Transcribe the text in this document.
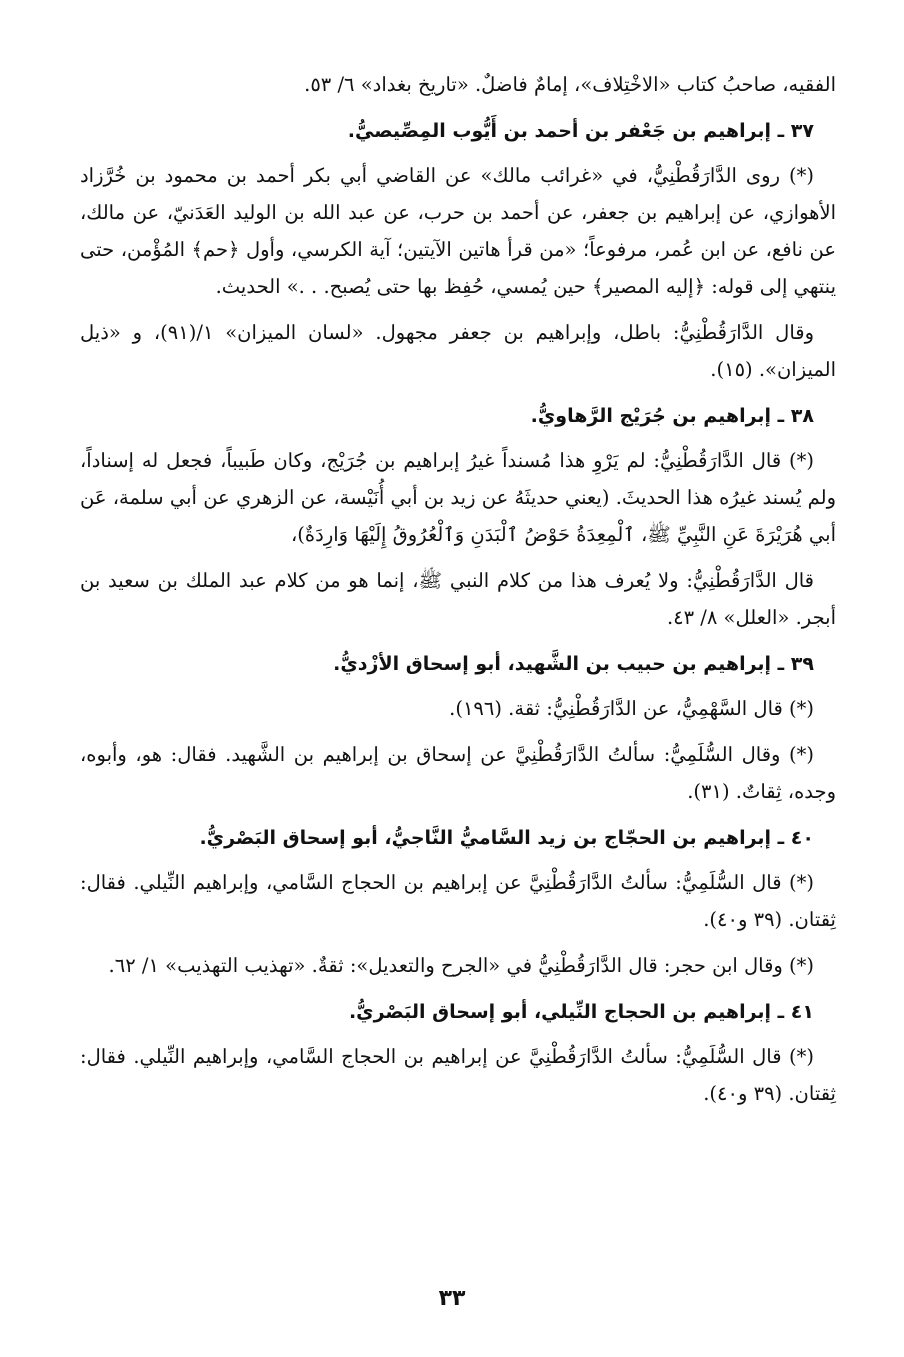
الفقيه، صاحبُ كتاب «الاخْتِلاف»، إمامٌ فاضلٌ. «تاريخ بغداد» ٦/ ٥٣.

٣٧ ـ إبراهيم بن جَعْفر بن أحمد بن أَيُّوب المِصِّيصيُّ.

(*) روى الدَّارَقُطْنِيُّ، في «غرائب مالك» عن القاضي أبي بكر أحمد بن محمود بن خُرَّزاد الأهوازي، عن إبراهيم بن جعفر، عن أحمد بن حرب، عن عبد الله بن الوليد العَدَنيّ، عن مالك، عن نافع، عن ابن عُمر، مرفوعاً؛ «من قرأ هاتين الآيتين؛ آية الكرسي، وأول ﴿حم﴾ المُؤْمن، حتى ينتهي إلى قوله: ﴿إليه المصير﴾ حين يُمسي، حُفِظ بها حتى يُصبح. . .» الحديث.

وقال الدَّارَقُطْنِيُّ: باطل، وإبراهيم بن جعفر مجهول. «لسان الميزان» ١/(٩١)، و «ذيل الميزان». (١٥).

٣٨ ـ إبراهيم بن جُرَيْج الرَّهاويُّ.

(*) قال الدَّارَقُطْنِيُّ: لم يَرْوِ هذا مُسنداً غيرُ إبراهيم بن جُرَيْج، وكان طَبيباً، فجعل له إسناداً، ولم يُسند غيرُه هذا الحديثَ. (يعني حديثَهُ عن زيد بن أبي أُنَيْسة، عن الزهري عن أبي سلمة، عَن أبي هُرَيْرَةَ عَنِ النَّبِيِّ ﷺ، ٱلْمِعِدَةُ حَوْضُ ٱلْبَدَنِ وَٱلْعُرُوقُ إِلَيْهَا وَارِدَةٌ)،

قال الدَّارَقُطْنِيُّ: ولا يُعرف هذا من كلام النبي ﷺ، إنما هو من كلام عبد الملك بن سعيد بن أبجر. «العلل» ٨/ ٤٣.

٣٩ ـ إبراهيم بن حبيب بن الشَّهيد، أبو إسحاق الأزْديُّ.

(*) قال السَّهْمِيُّ، عن الدَّارَقُطْنِيُّ: ثقة. (١٩٦).

(*) وقال السُّلَمِيُّ: سألتُ الدَّارَقُطْنِيَّ عن إسحاق بن إبراهيم بن الشَّهيد. فقال: هو، وأبوه، وجده، ثِقاتٌ. (٣١).

٤٠ ـ إبراهيم بن الحجّاج بن زيد السَّاميُّ النَّاجيُّ، أبو إسحاق البَصْريُّ.

(*) قال السُّلَمِيُّ: سألتُ الدَّارَقُطْنِيَّ عن إبراهيم بن الحجاج السَّامي، وإبراهيم النِّيلي. فقال: ثِقتان. (٣٩ و٤٠).

(*) وقال ابن حجر: قال الدَّارَقُطْنِيُّ في «الجرح والتعديل»: ثقةٌ. «تهذيب التهذيب» ١/ ٦٢.

٤١ ـ إبراهيم بن الحجاج النِّيلي، أبو إسحاق البَصْريُّ.

(*) قال السُّلَمِيُّ: سألتُ الدَّارَقُطْنِيَّ عن إبراهيم بن الحجاج السَّامي، وإبراهيم النِّيلي. فقال: ثِقتان. (٣٩ و٤٠).

٣٣
